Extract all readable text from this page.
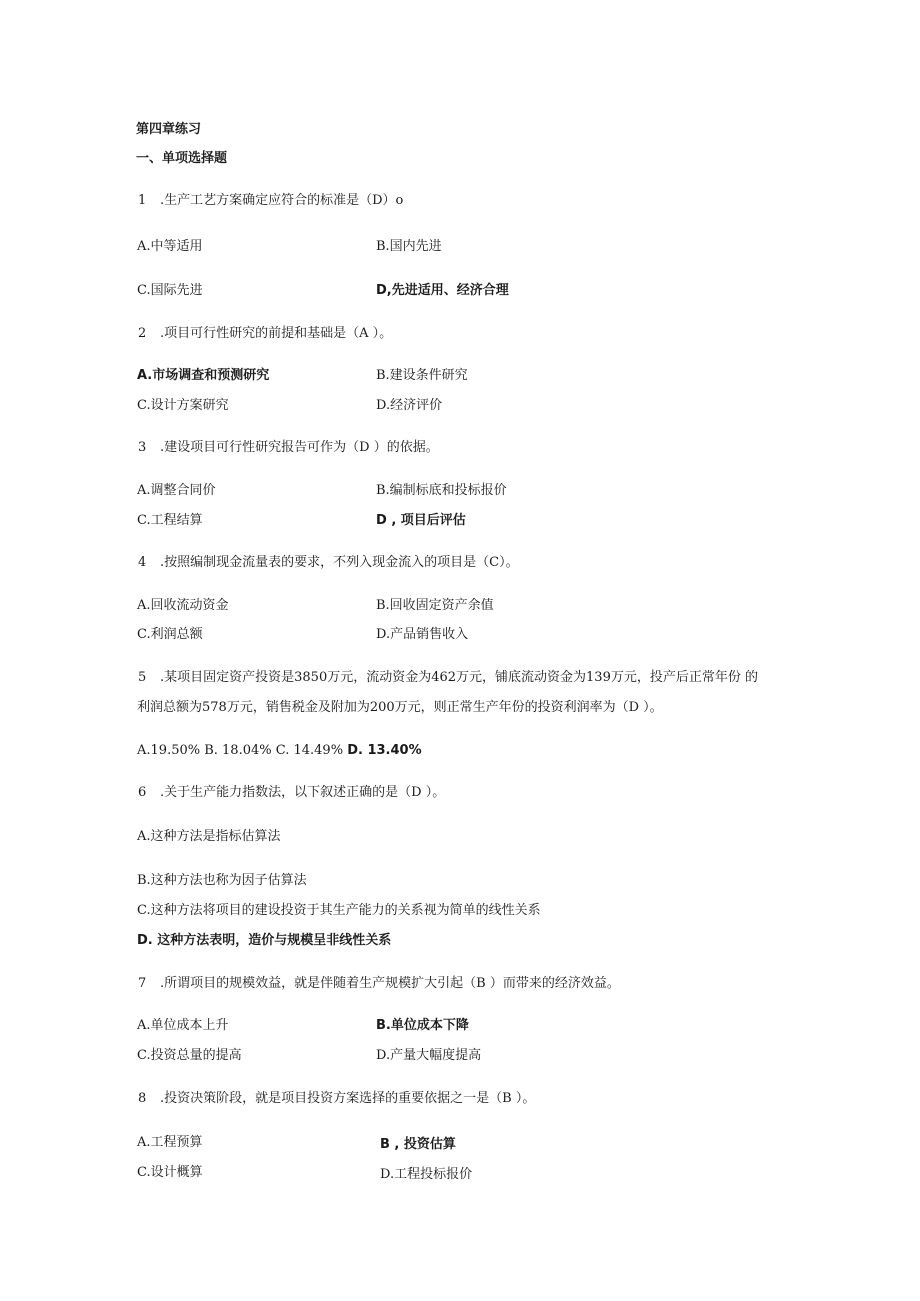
第四章练习
一、单项选择题
1 .生产工艺方案确定应符合的标准是（D）o
A.中等适用	B.国内先进
C.国际先进	D,先进适用、经济合理
2 .项目可行性研究的前提和基础是（A ）。
A.市场调查和预测研究	B.建设条件研究
C.设计方案研究	D.经济评价
3 .建设项目可行性研究报告可作为（D ）的依据。
A.调整合同价	B.编制标底和投标报价
C.工程结算	D , 项目后评估
4 .按照编制现金流量表的要求，不列入现金流入的项目是（C）。
A.回收流动资金	B.回收固定资产余值
C.利润总额	D.产品销售收入
5 .某项目固定资产投资是3850万元，流动资金为462万元，铺底流动资金为139万元，投产后正常年份 的
利润总额为578万元，销售税金及附加为200万元，则正常生产年份的投资利润率为（D ）。
A.19.50% B. 18.04% C. 14.49% D. 13.40%
6 .关于生产能力指数法，以下叙述正确的是（D ）。
A.这种方法是指标估算法
B.这种方法也称为因子估算法
C.这种方法将项目的建设投资于其生产能力的关系视为简单的线性关系
D. 这种方法表明，造价与规模呈非线性关系
7 .所谓项目的规模效益，就是伴随着生产规模扩大引起（B ）而带来的经济效益。
A.单位成本上升	B.单位成本下降
C.投资总量的提高	D.产量大幅度提高
8 .投资决策阶段，就是项目投资方案选择的重要依据之一是（B ）。
A.工程预算	B , 投资估算
C.设计概算	D.工程投标报价
